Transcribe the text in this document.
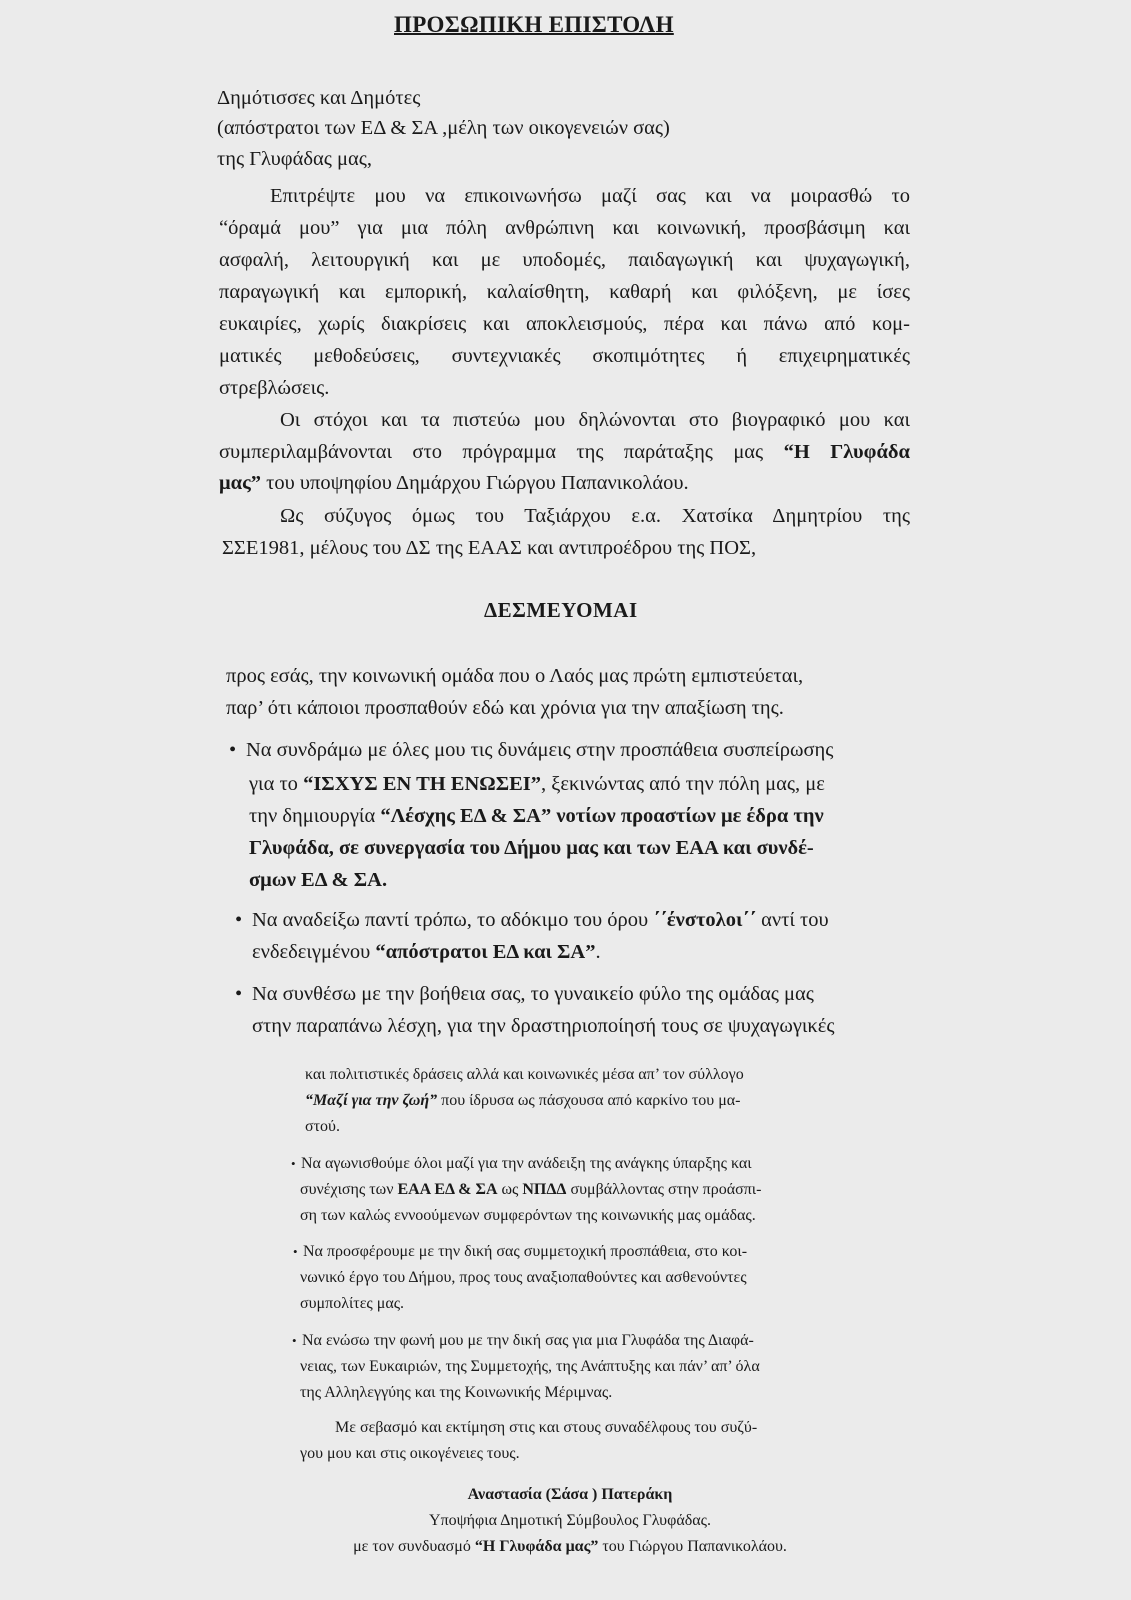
ΠΡΟΣΩΠΙΚΗ ΕΠΙΣΤΟΛΗ
Δημότισσες και Δημότες
(απόστρατοι των ΕΔ & ΣΑ ,μέλη των οικογενειών σας)
της Γλυφάδας μας,
Επιτρέψτε μου να επικοινωνήσω μαζί σας και να μοιρασθώ το
“όραμά μου” για μια πόλη ανθρώπινη και κοινωνική, προσβάσιμη και
ασφαλή, λειτουργική και με υποδομές, παιδαγωγική και ψυχαγωγική,
παραγωγική και εμπορική, καλαίσθητη, καθαρή και φιλόξενη, με ίσες
ευκαιρίες, χωρίς διακρίσεις και αποκλεισμούς, πέρα και πάνω από κομ-
ματικές μεθοδεύσεις, συντεχνιακές σκοπιμότητες ή επιχειρηματικές
στρεβλώσεις.
Οι στόχοι και τα πιστεύω μου δηλώνονται στο βιογραφικό μου και
συμπεριλαμβάνονται στο πρόγραμμα της παράταξης μας “Η Γλυφάδα
μας” του υποψηφίου Δημάρχου Γιώργου Παπανικολάου.
Ως σύζυγος όμως του Ταξιάρχου ε.α. Χατσίκα Δημητρίου της
ΣΣΕ1981, μέλους του ΔΣ της ΕΑΑΣ και αντιπροέδρου της ΠΟΣ,
ΔΕΣΜΕΥΟΜΑΙ
προς εσάς, την κοινωνική ομάδα που ο Λαός μας πρώτη εμπιστεύεται,
παρ’ ότι κάποιοι προσπαθούν εδώ και χρόνια για την απαξίωση της.
• Να συνδράμω με όλες μου τις δυνάμεις στην προσπάθεια συσπείρωσης
για το “ΙΣΧΥΣ ΕΝ ΤΗ ΕΝΩΣΕΙ”, ξεκινώντας από την πόλη μας, με
την δημιουργία “Λέσχης ΕΔ & ΣΑ” νοτίων προαστίων με έδρα την
Γλυφάδα, σε συνεργασία του Δήμου μας και των ΕΑΑ και συνδέ-
σμων ΕΔ & ΣΑ.
• Να αναδείξω παντί τρόπω, το αδόκιμο του όρου ΄΄ένστολοι΄΄ αντί του
ενδεδειγμένου “απόστρατοι ΕΔ και ΣΑ”.
• Να συνθέσω με την βοήθεια σας, το γυναικείο φύλο της ομάδας μας
στην παραπάνω λέσχη, για την δραστηριοποίησή τους σε ψυχαγωγικές
και πολιτιστικές δράσεις αλλά και κοινωνικές μέσα απ’ τον σύλλογο
“Μαζί για την ζωή” που ίδρυσα ως πάσχουσα από καρκίνο του μα-
στού.
• Να αγωνισθούμε όλοι μαζί για την ανάδειξη της ανάγκης ύπαρξης και
συνέχισης των ΕΑΑ ΕΔ & ΣΑ ως ΝΠΔΔ συμβάλλοντας στην προάσπι-
ση των καλώς εννοούμενων συμφερόντων της κοινωνικής μας ομάδας.
• Να προσφέρουμε με την δική σας συμμετοχική προσπάθεια, στο κοι-
νωνικό έργο του Δήμου, προς τους αναξιοπαθούντες και ασθενούντες
συμπολίτες μας.
• Να ενώσω την φωνή μου με την δική σας για μια Γλυφάδα της Διαφά-
νειας, των Ευκαιριών, της Συμμετοχής, της Ανάπτυξης και πάν’ απ’ όλα
της Αλληλεγγύης και της Κοινωνικής Μέριμνας.
Με σεβασμό και εκτίμηση στις και στους συναδέλφους του συζύ-
γου μου και στις οικογένειες τους.
Αναστασία (Σάσα ) Πατεράκη
Υποψήφια Δημοτική Σύμβουλος Γλυφάδας.
με τον συνδυασμό “Η Γλυφάδα μας” του Γιώργου Παπανικολάου.
